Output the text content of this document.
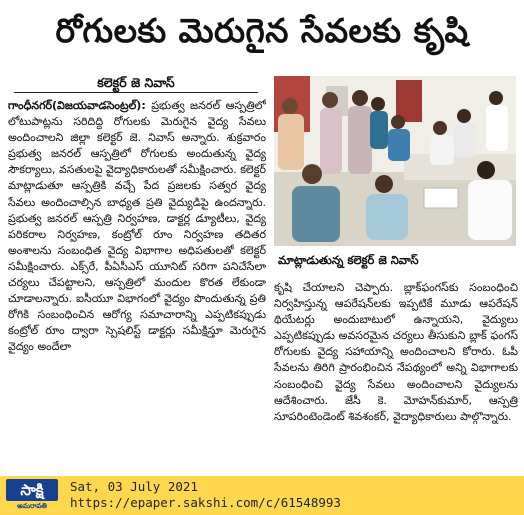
రోగులకు మెరుగైన సేవలకు కృషి
కలెక్టర్ జె నివాస్

గాంధీనగర్(విజయవాడసెంట్రల్): ప్రభుత్వ జనరల్ ఆస్పత్రిలో లోటుపాట్లను సరిదిద్ది రోగులకు మెరుగైన వైద్య సేవలు అందించాలని జిల్లా కలెక్టర్ జె. నివాస్ అన్నారు. శుక్రవారం ప్రభుత్వ జనరల్ ఆస్పత్రిలో రోగులకు అందుతున్న వైద్య సౌకర్యాలు, వసతులపై వైద్యాధికారులతో సమీక్షించారు. కలెక్టర్ మాట్లాడుతూ ఆస్పత్రికి వచ్చే పేద ప్రజలకు సత్వర వైద్య సేవలు అందించాల్సిన బాధ్యత ప్రతి వైద్యుడిపై ఉందన్నారు. ప్రభుత్వ జనరల్ ఆస్పత్రి నిర్వహణ, డాక్టర్ల డ్యూటీలు, వైద్య పరికరాల నిర్వహణ, కంట్రోల్ రూం నిర్వహణ తదితర అంశాలను సంబంధిత వైద్య విభాగాల అధిపతులతో కలెక్టర్ సమీక్షించారు. ఎక్స్‌రే, పీఏసీఎస్ యూనిట్ సరిగా పనిచేసేలా చర్యలు చేపట్టాలని, ఆస్పత్రిలో మందుల కొరత లేకుండా చూడాలన్నారు. ఐసీయూ విభాగంలో వైద్యం పొందుతున్న ప్రతి రోగికి సంబంధించిన ఆరోగ్య సమాచారాన్ని ఎప్పటికప్పుడు కంట్రోల్ రూం ద్వారా స్పెషలిస్ట్ డాక్టర్లు సమీక్షిస్తూ మెరుగైన వైద్యం అందేలా

మాట్లాడుతున్న కలెక్టర్ జె నివాస్

కృషి చేయాలని చెప్పారు. బ్లాక్‌ఫంగస్‌కు సంబంధించి నిర్వహిస్తున్న ఆపరేషన్‌లకు ఇప్పటికే మూడు ఆపరేషన్ థియేటర్లు అందుబాటులో ఉన్నాయని, వైద్యులు ఎప్పటికప్పుడు అవసరమైన చర్యలు తీసుకుని బ్లాక్ ఫంగస్ రోగులకు వైద్య సహాయాన్ని అందించాలని కోరారు. ఓపీ సేవలను తిరిగి ప్రారంభించిన నేపథ్యంలో అన్ని విభాగాలకు సంబంధించి వైద్య సేవలు అందించాలని వైద్యులను ఆదేశించారు. జేసీ కె. మోహన్‌కుమార్, ఆస్పత్రి సూపరింటెండెంట్ శివశంకర్, వైద్యాధికారులు పాల్గొన్నారు.

సాక్షి
అమరావతి
Sat, 03 July 2021
https://epaper.sakshi.com/c/61548993
